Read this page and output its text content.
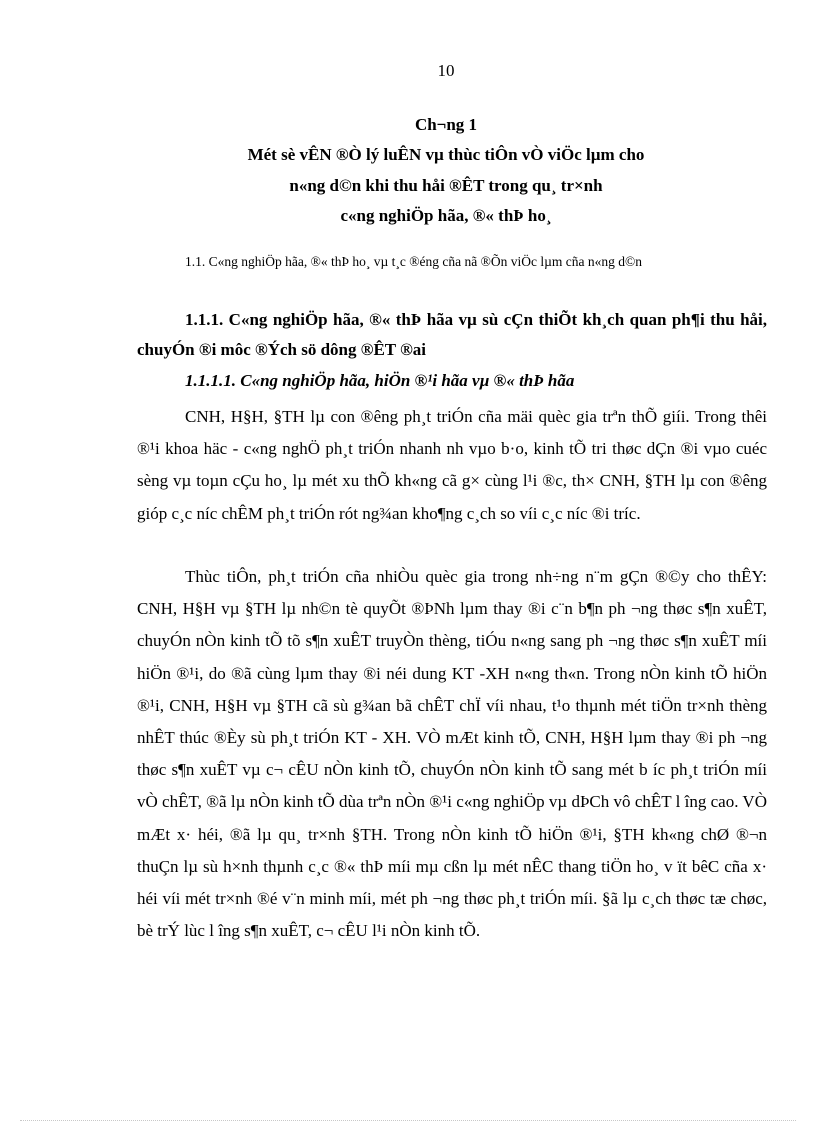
10
Ch¬ng 1
Mét sè vÊN ®Ò lý luÊN vµ thùc tiÔn vÒ viÖc lµm cho
n«ng d©n khi thu håi ®ÊT trong qu¸ tr×nh
c«ng nghiÖp hãa, ®« thÞ ho¸

1.1. C«ng nghiÖp hãa, ®« thÞ ho¸ vµ t¸c ®éng cña nã ®Õn viÖc lµm cña n«ng d©n

1.1.1. C«ng nghiÖp hãa, ®« thÞ hãa vµ sù cÇn thiÕt kh¸ch quan ph¶i thu håi, chuyÓn ®i môc ®Ých sö dông ®ÊT ®ai

1.1.1.1. C«ng nghiÖp hãa, hiÖn ®¹i hãa vµ ®« thÞ hãa

CNH, H§H, §TH lµ con ®êng ph¸t triÓn cña mäi quèc gia trªn thÕ giíi. Trong thêi ®¹i khoa häc - c«ng nghÖ ph¸t triÓn nhanh nh vµo b·o, kinh tÕ tri thøc dÇn ®i vµo cuéc sèng vµ toµn cÇu ho¸ lµ mét xu thÕ kh«ng cã g× cùng l¹i ®c, th× CNH, §TH lµ con ®êng gióp c¸c níc chÊM ph¸t triÓn rót ng¾an kho¶ng c¸ch so víi c¸c níc ®i tríc.

Thùc tiÔn, ph¸t triÓn cña nhiÒu quèc gia trong nh÷ng n¨m gÇn ®©y cho thÊY: CNH, H§H vµ §TH lµ nh©n tè quyÕt ®ÞNh lµm thay ®i c¨n b¶n ph ¬ng thøc s¶n xuÊT, chuyÓn nÒn kinh tÕ tõ s¶n xuÊT truyÒn thèng, tiÓu n«ng sang ph ¬ng thøc s¶n xuÊT míi hiÖn ®¹i, do ®ã cùng lµm thay ®i néi dung KT -XH n«ng th«n. Trong nÒn kinh tÕ hiÖn ®¹i, CNH, H§H vµ §TH cã sù g¾an bã chÊT chÏ víi nhau, t¹o thµnh mét tiÖn tr×nh thèng nhÊT thúc ®Èy sù ph¸t triÓn KT - XH. VÒ mÆt kinh tÕ, CNH, H§H lµm thay ®i ph ¬ng thøc s¶n xuÊT vµ c¬ cÊU nÒn kinh tÕ, chuyÓn nÒn kinh tÕ sang mét b íc ph¸t triÓn míi vÒ chÊT, ®ã lµ nÒn kinh tÕ dùa trªn nÒn ®¹i c«ng nghiÖp vµ dÞCh vô chÊT l îng cao. VÒ mÆt x· héi, ®ã lµ qu¸ tr×nh §TH. Trong nÒn kinh tÕ hiÖn ®¹i, §TH kh«ng chØ ®¬n thuÇn lµ sù h×nh thµnh c¸c ®« thÞ míi mµ cßn lµ mét nÊC thang tiÖn ho¸ v ït bêC cña x· héi víi mét tr×nh ®é v¨n minh míi, mét ph ¬ng thøc ph¸t triÓn míi. §ã lµ c¸ch thøc tæ chøc, bè trÝ lùc l îng s¶n xuÊT, c¬ cÊU l¹i nÒn kinh tÕ.
